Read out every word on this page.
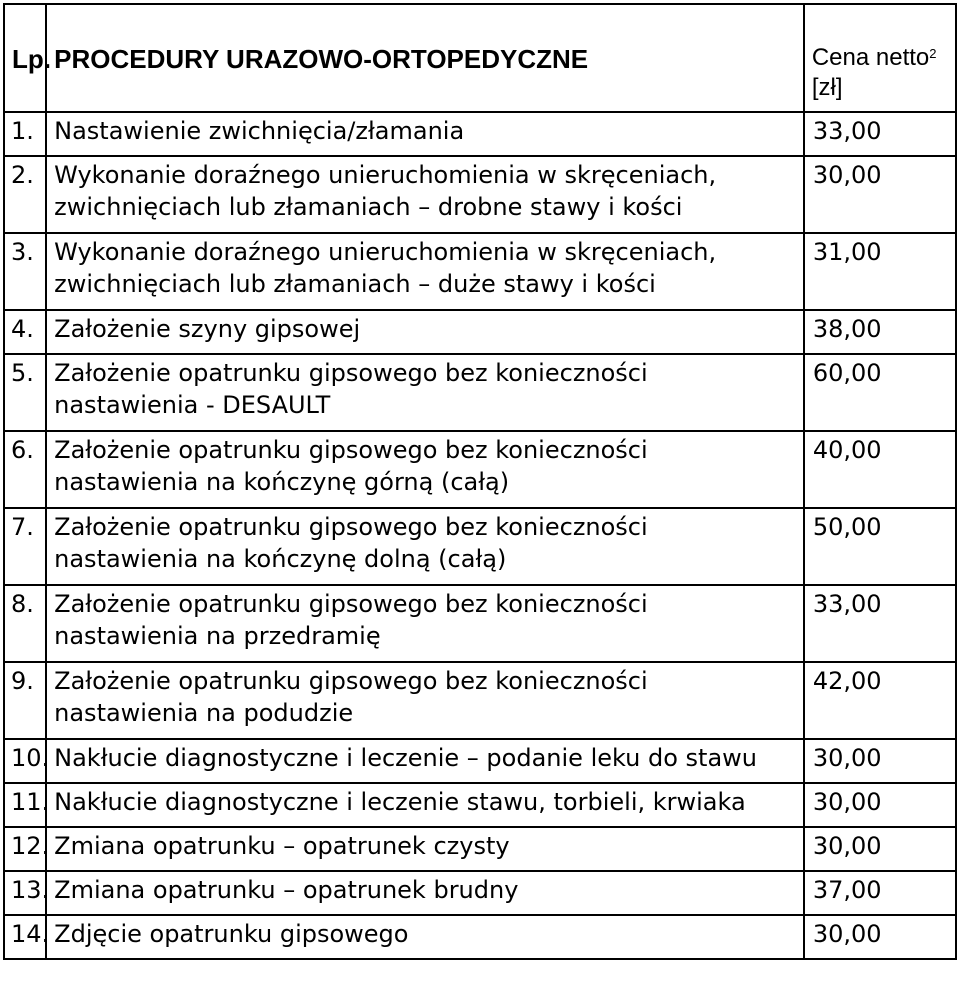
Lp.	PROCEDURY URAZOWO-ORTOPEDYCZNE	Cena netto$^2$
[zł]
1.	Nastawienie zwichnięcia/złamania	33,00
2.	Wykonanie doraźnego unieruchomienia w skręceniach, zwichnięciach lub złamaniach – drobne stawy i kości	30,00
3.	Wykonanie doraźnego unieruchomienia w skręceniach, zwichnięciach lub złamaniach – duże stawy i kości	31,00
4.	Założenie szyny gipsowej	38,00
5.	Założenie opatrunku gipsowego bez konieczności nastawienia - DESAULT	60,00
6.	Założenie opatrunku gipsowego bez konieczności nastawienia na kończynę górną (całą)	40,00
7.	Założenie opatrunku gipsowego bez konieczności nastawienia na kończynę dolną (całą)	50,00
8.	Założenie opatrunku gipsowego bez konieczności nastawienia na przedramię	33,00
9.	Założenie opatrunku gipsowego bez konieczności nastawienia na podudzie	42,00
10.	Nakłucie diagnostyczne i leczenie – podanie leku do stawu	30,00
11.	Nakłucie diagnostyczne i leczenie stawu, torbieli, krwiaka	30,00
12.	Zmiana opatrunku – opatrunek czysty	30,00
13.	Zmiana opatrunku – opatrunek brudny	37,00
14.	Zdjęcie opatrunku gipsowego	30,00
